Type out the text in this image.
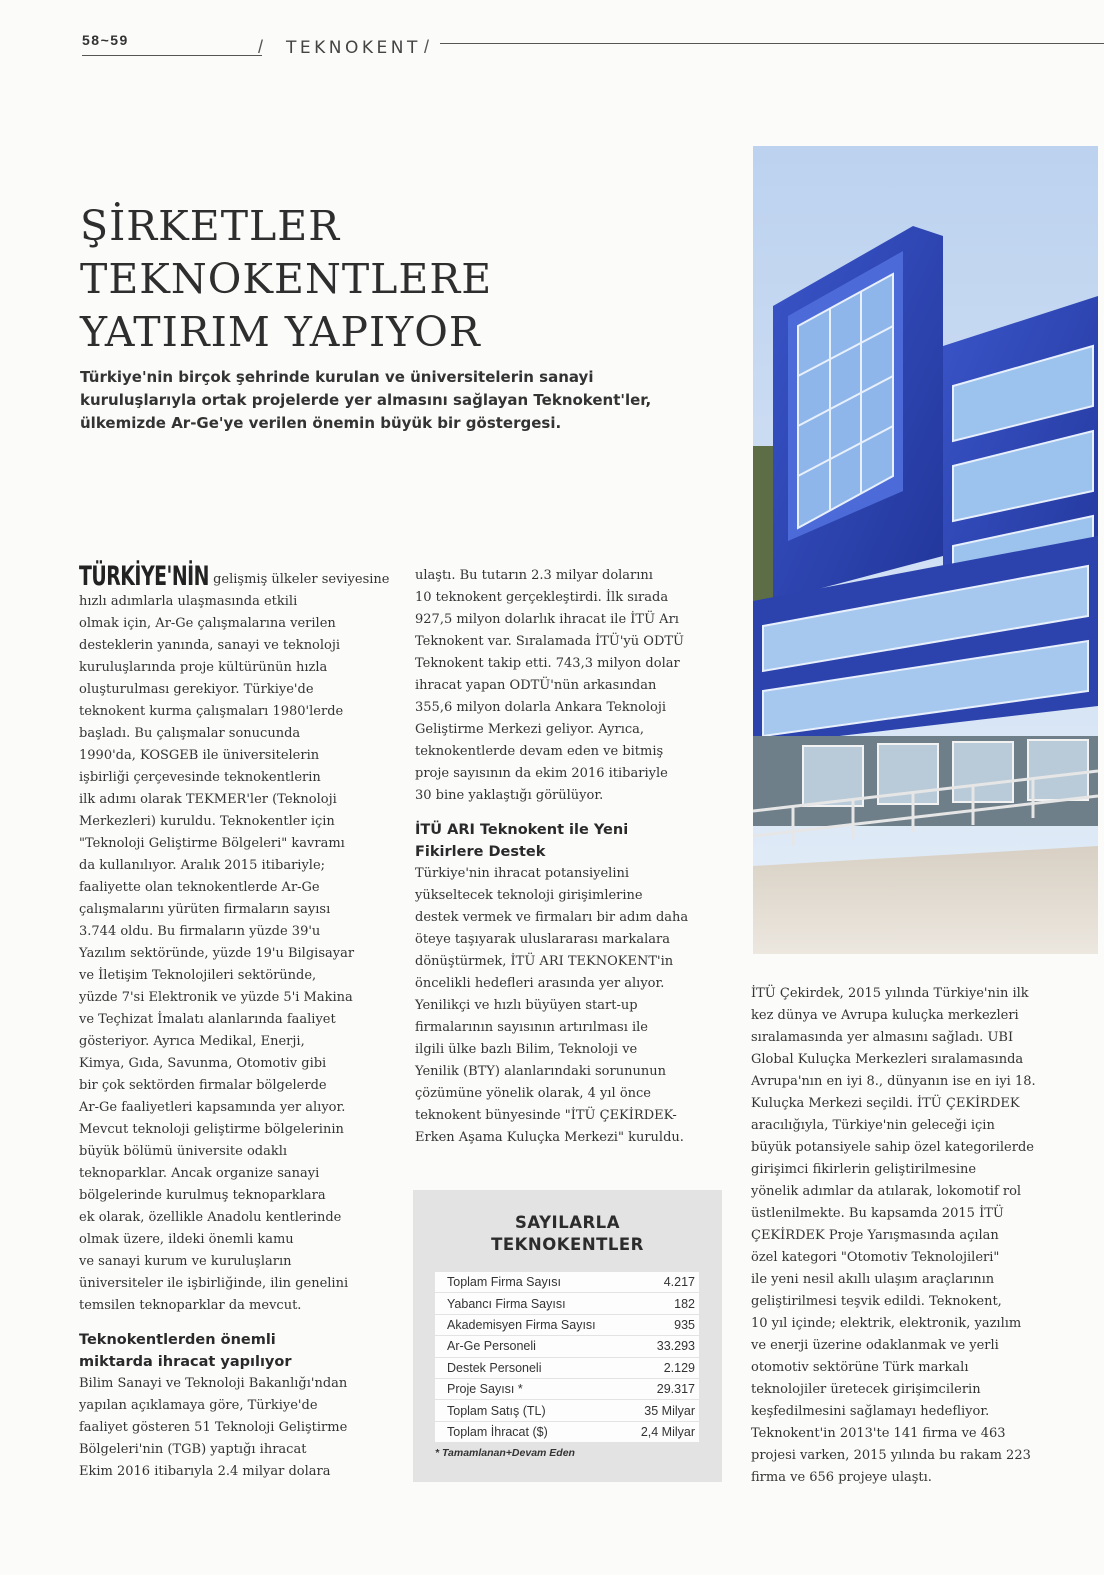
58~59	/ TEKNOKENT /
ŞİRKETLER
TEKNOKENTLERE
YATIRIM YAPIYOR
Türkiye'nin birçok şehrinde kurulan ve üniversitelerin sanayi
kuruluşlarıyla ortak projelerde yer almasını sağlayan Teknokent'ler,
ülkemizde Ar-Ge'ye verilen önemin büyük bir göstergesi.
TÜRKİYE'NİN gelişmiş ülkeler seviyesine
hızlı adımlarla ulaşmasında etkili
olmak için, Ar-Ge çalışmalarına verilen
desteklerin yanında, sanayi ve teknoloji
kuruluşlarında proje kültürünün hızla
oluşturulması gerekiyor. Türkiye'de
teknokent kurma çalışmaları 1980'lerde
başladı. Bu çalışmalar sonucunda
1990'da, KOSGEB ile üniversitelerin
işbirliği çerçevesinde teknokentlerin
ilk adımı olarak TEKMER'ler (Teknoloji
Merkezleri) kuruldu. Teknokentler için
"Teknoloji Geliştirme Bölgeleri" kavramı
da kullanılıyor. Aralık 2015 itibariyle;
faaliyette olan teknokentlerde Ar-Ge
çalışmalarını yürüten firmaların sayısı
3.744 oldu. Bu firmaların yüzde 39'u
Yazılım sektöründe, yüzde 19'u Bilgisayar
ve İletişim Teknolojileri sektöründe,
yüzde 7'si Elektronik ve yüzde 5'i Makina
ve Teçhizat İmalatı alanlarında faaliyet
gösteriyor. Ayrıca Medikal, Enerji,
Kimya, Gıda, Savunma, Otomotiv gibi
bir çok sektörden firmalar bölgelerde
Ar-Ge faaliyetleri kapsamında yer alıyor.
Mevcut teknoloji geliştirme bölgelerinin
büyük bölümü üniversite odaklı
teknoparklar. Ancak organize sanayi
bölgelerinde kurulmuş teknoparklara
ek olarak, özellikle Anadolu kentlerinde
olmak üzere, ildeki önemli kamu
ve sanayi kurum ve kuruluşların
üniversiteler ile işbirliğinde, ilin genelini
temsilen teknoparklar da mevcut.
Teknokentlerden önemli
miktarda ihracat yapılıyor
Bilim Sanayi ve Teknoloji Bakanlığı'ndan
yapılan açıklamaya göre, Türkiye'de
faaliyet gösteren 51 Teknoloji Geliştirme
Bölgeleri'nin (TGB) yaptığı ihracat
Ekim 2016 itibarıyla 2.4 milyar dolara
ulaştı. Bu tutarın 2.3 milyar dolarını
10 teknokent gerçekleştirdi. İlk sırada
927,5 milyon dolarlık ihracat ile İTÜ Arı
Teknokent var. Sıralamada İTÜ'yü ODTÜ
Teknokent takip etti. 743,3 milyon dolar
ihracat yapan ODTÜ'nün arkasından
355,6 milyon dolarla Ankara Teknoloji
Geliştirme Merkezi geliyor. Ayrıca,
teknokentlerde devam eden ve bitmiş
proje sayısının da ekim 2016 itibariyle
30 bine yaklaştığı görülüyor.
İTÜ ARI Teknokent ile Yeni
Fikirlere Destek
Türkiye'nin ihracat potansiyelini
yükseltecek teknoloji girişimlerine
destek vermek ve firmaları bir adım daha
öteye taşıyarak uluslararası markalara
dönüştürmek, İTÜ ARI TEKNOKENT'in
öncelikli hedefleri arasında yer alıyor.
Yenilikçi ve hızlı büyüyen start-up
firmalarının sayısının artırılması ile
ilgili ülke bazlı Bilim, Teknoloji ve
Yenilik (BTY) alanlarındaki sorununun
çözümüne yönelik olarak, 4 yıl önce
teknokent bünyesinde "İTÜ ÇEKİRDEK-
Erken Aşama Kuluçka Merkezi" kuruldu.
İTÜ Çekirdek, 2015 yılında Türkiye'nin ilk
kez dünya ve Avrupa kuluçka merkezleri
sıralamasında yer almasını sağladı. UBI
Global Kuluçka Merkezleri sıralamasında
Avrupa'nın en iyi 8., dünyanın ise en iyi 18.
Kuluçka Merkezi seçildi. İTÜ ÇEKİRDEK
aracılığıyla, Türkiye'nin geleceği için
büyük potansiyele sahip özel kategorilerde
girişimci fikirlerin geliştirilmesine
yönelik adımlar da atılarak, lokomotif rol
üstlenilmekte. Bu kapsamda 2015 İTÜ
ÇEKİRDEK Proje Yarışmasında açılan
özel kategori "Otomotiv Teknolojileri"
ile yeni nesil akıllı ulaşım araçlarının
geliştirilmesi teşvik edildi. Teknokent,
10 yıl içinde; elektrik, elektronik, yazılım
ve enerji üzerine odaklanmak ve yerli
otomotiv sektörüne Türk markalı
teknolojiler üretecek girişimcilerin
keşfedilmesini sağlamayı hedefliyor.
Teknokent'in 2013'te 141 firma ve 463
projesi varken, 2015 yılında bu rakam 223
firma ve 656 projeye ulaştı.
SAYILARLA
TEKNOKENTLER
Toplam Firma Sayısı	4.217
Yabancı Firma Sayısı	182
Akademisyen Firma Sayısı	935
Ar-Ge Personeli	33.293
Destek Personeli	2.129
Proje Sayısı *	29.317
Toplam Satış (TL)	35 Milyar
Toplam İhracat ($)	2,4 Milyar
* Tamamlanan+Devam Eden
